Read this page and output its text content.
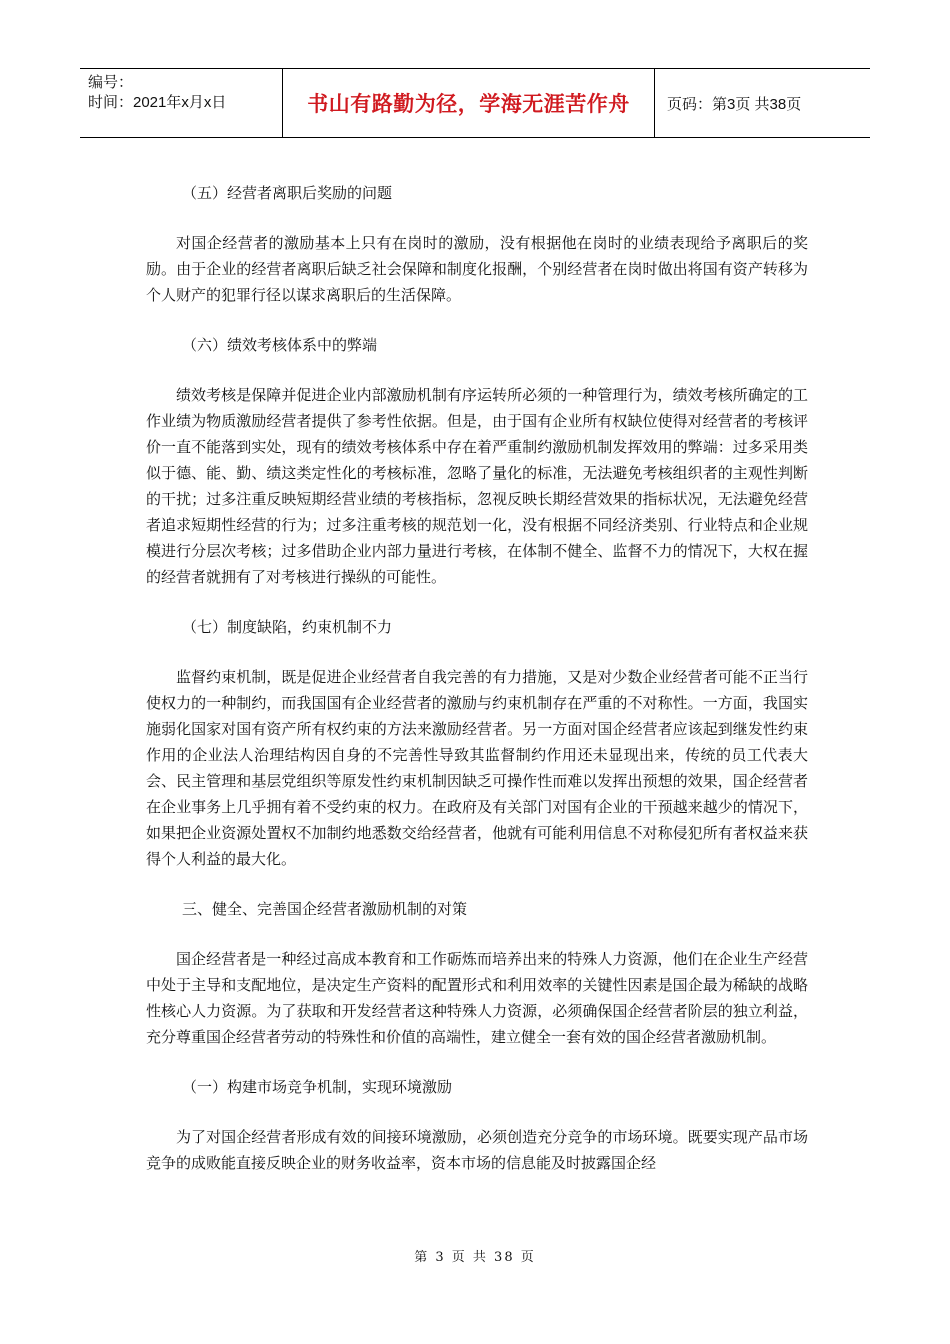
编号：
时间：2021年x月x日	书山有路勤为径，学海无涯苦作舟	页码：第3页 共38页
（五）经营者离职后奖励的问题
对国企经营者的激励基本上只有在岗时的激励，没有根据他在岗时的业绩表现给予离职后的奖励。由于企业的经营者离职后缺乏社会保障和制度化报酬，个别经营者在岗时做出将国有资产转移为个人财产的犯罪行径以谋求离职后的生活保障。
（六）绩效考核体系中的弊端
绩效考核是保障并促进企业内部激励机制有序运转所必须的一种管理行为，绩效考核所确定的工作业绩为物质激励经营者提供了参考性依据。但是，由于国有企业所有权缺位使得对经营者的考核评价一直不能落到实处，现有的绩效考核体系中存在着严重制约激励机制发挥效用的弊端：过多采用类似于德、能、勤、绩这类定性化的考核标准，忽略了量化的标准，无法避免考核组织者的主观性判断的干扰；过多注重反映短期经营业绩的考核指标，忽视反映长期经营效果的指标状况，无法避免经营者追求短期性经营的行为；过多注重考核的规范划一化，没有根据不同经济类别、行业特点和企业规模进行分层次考核；过多借助企业内部力量进行考核，在体制不健全、监督不力的情况下，大权在握的经营者就拥有了对考核进行操纵的可能性。
（七）制度缺陷，约束机制不力
监督约束机制，既是促进企业经营者自我完善的有力措施，又是对少数企业经营者可能不正当行使权力的一种制约，而我国国有企业经营者的激励与约束机制存在严重的不对称性。一方面，我国实施弱化国家对国有资产所有权约束的方法来激励经营者。另一方面对国企经营者应该起到继发性约束作用的企业法人治理结构因自身的不完善性导致其监督制约作用还未显现出来，传统的员工代表大会、民主管理和基层党组织等原发性约束机制因缺乏可操作性而难以发挥出预想的效果，国企经营者在企业事务上几乎拥有着不受约束的权力。在政府及有关部门对国有企业的干预越来越少的情况下，如果把企业资源处置权不加制约地悉数交给经营者，他就有可能利用信息不对称侵犯所有者权益来获得个人利益的最大化。
三、健全、完善国企经营者激励机制的对策
国企经营者是一种经过高成本教育和工作砺炼而培养出来的特殊人力资源，他们在企业生产经营中处于主导和支配地位，是决定生产资料的配置形式和利用效率的关键性因素是国企最为稀缺的战略性核心人力资源。为了获取和开发经营者这种特殊人力资源，必须确保国企经营者阶层的独立利益，充分尊重国企经营者劳动的特殊性和价值的高端性，建立健全一套有效的国企经营者激励机制。
（一）构建市场竞争机制，实现环境激励
为了对国企经营者形成有效的间接环境激励，必须创造充分竞争的市场环境。既要实现产品市场竞争的成败能直接反映企业的财务收益率，资本市场的信息能及时披露国企经
第 3 页 共 38 页
